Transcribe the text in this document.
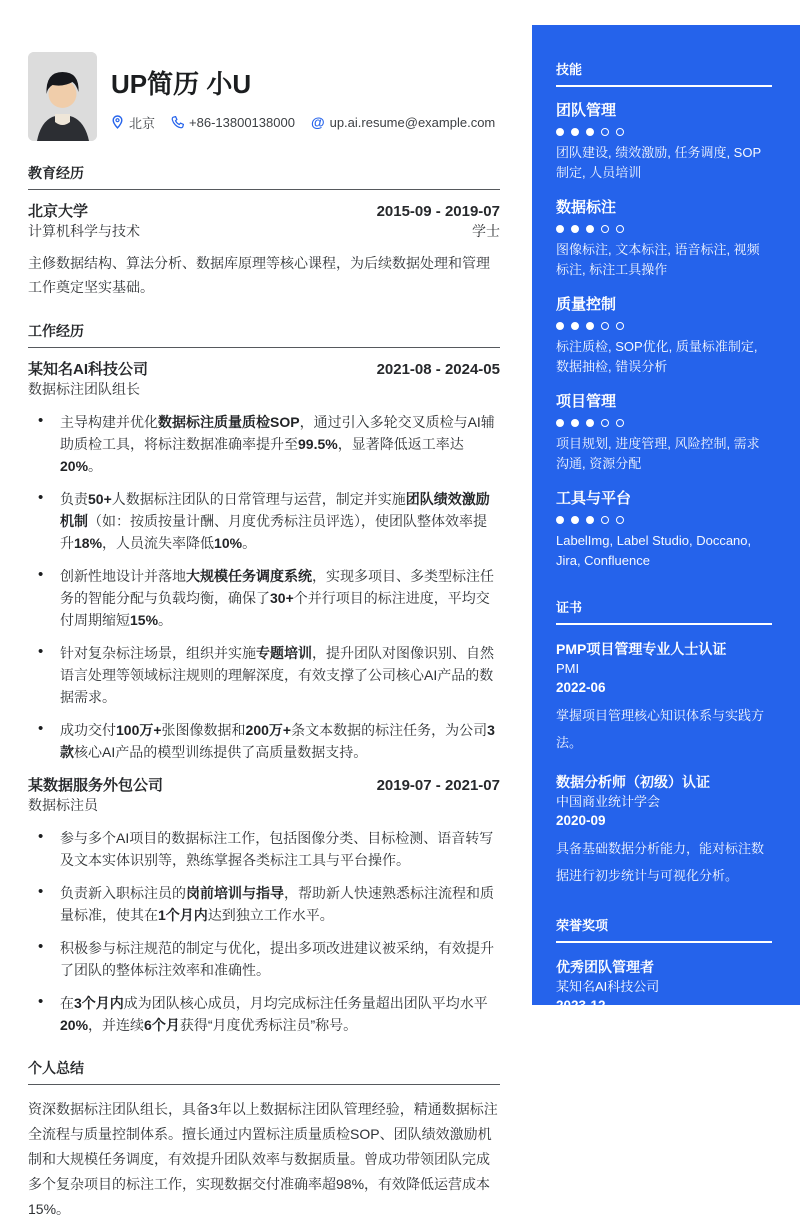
UP简历 小U
北京	+86-13800138000 @ up.ai.resume@example.com
教育经历
北京大学	2015-09 - 2019-07
计算机科学与技术	学士
主修数据结构、算法分析、数据库原理等核心课程，为后续数据处理和管理工作奠定坚实基础。
工作经历
某知名AI科技公司	2021-08 - 2024-05
数据标注团队组长
• 主导构建并优化数据标注质量质检SOP，通过引入多轮交叉质检与AI辅助质检工具，将标注数据准确率提升至99.5%，显著降低返工率达20%。
• 负责50+人数据标注团队的日常管理与运营，制定并实施团队绩效激励机制（如：按质按量计酬、月度优秀标注员评选），使团队整体效率提升18%，人员流失率降低10%。
• 创新性地设计并落地大规模任务调度系统，实现多项目、多类型标注任务的智能分配与负载均衡，确保了30+个并行项目的标注进度，平均交付周期缩短15%。
• 针对复杂标注场景，组织并实施专题培训，提升团队对图像识别、自然语言处理等领域标注规则的理解深度，有效支撑了公司核心AI产品的数据需求。
• 成功交付100万+张图像数据和200万+条文本数据的标注任务，为公司3款核心AI产品的模型训练提供了高质量数据支持。
某数据服务外包公司	2019-07 - 2021-07
数据标注员
• 参与多个AI项目的数据标注工作，包括图像分类、目标检测、语音转写及文本实体识别等，熟练掌握各类标注工具与平台操作。
• 负责新入职标注员的岗前培训与指导，帮助新人快速熟悉标注流程和质量标准，使其在1个月内达到独立工作水平。
• 积极参与标注规范的制定与优化，提出多项改进建议被采纳，有效提升了团队的整体标注效率和准确性。
• 在3个月内成为团队核心成员，月均完成标注任务量超出团队平均水平20%，并连续6个月获得“月度优秀标注员”称号。
个人总结
资深数据标注团队组长，具备3年以上数据标注团队管理经验，精通数据标注全流程与质量控制体系。擅长通过内置标注质量质检SOP、团队绩效激励机制和大规模任务调度，有效提升团队效率与数据质量。曾成功带领团队完成多个复杂项目的标注工作，实现数据交付准确率超98%，有效降低运营成本15%。
技能
团队管理
团队建设, 绩效激励, 任务调度, SOP制定, 人员培训
数据标注
图像标注, 文本标注, 语音标注, 视频标注, 标注工具操作
质量控制
标注质检, SOP优化, 质量标准制定, 数据抽检, 错误分析
项目管理
项目规划, 进度管理, 风险控制, 需求沟通, 资源分配
工具与平台
LabelImg, Label Studio, Doccano, Jira, Confluence
证书
PMP项目管理专业人士认证
PMI
2022-06
掌握项目管理核心知识体系与实践方法。
数据分析师（初级）认证
中国商业统计学会
2020-09
具备基础数据分析能力，能对标注数据进行初步统计与可视化分析。
荣誉奖项
优秀团队管理者
某知名AI科技公司
2023-12
表彰在团队建设、效率提升和质量控制方面的突出贡献。
年度最佳标注员
某数据服务外包公司
2020-01
因卓越的标注效率和准确率获得公司年度最高荣誉。
